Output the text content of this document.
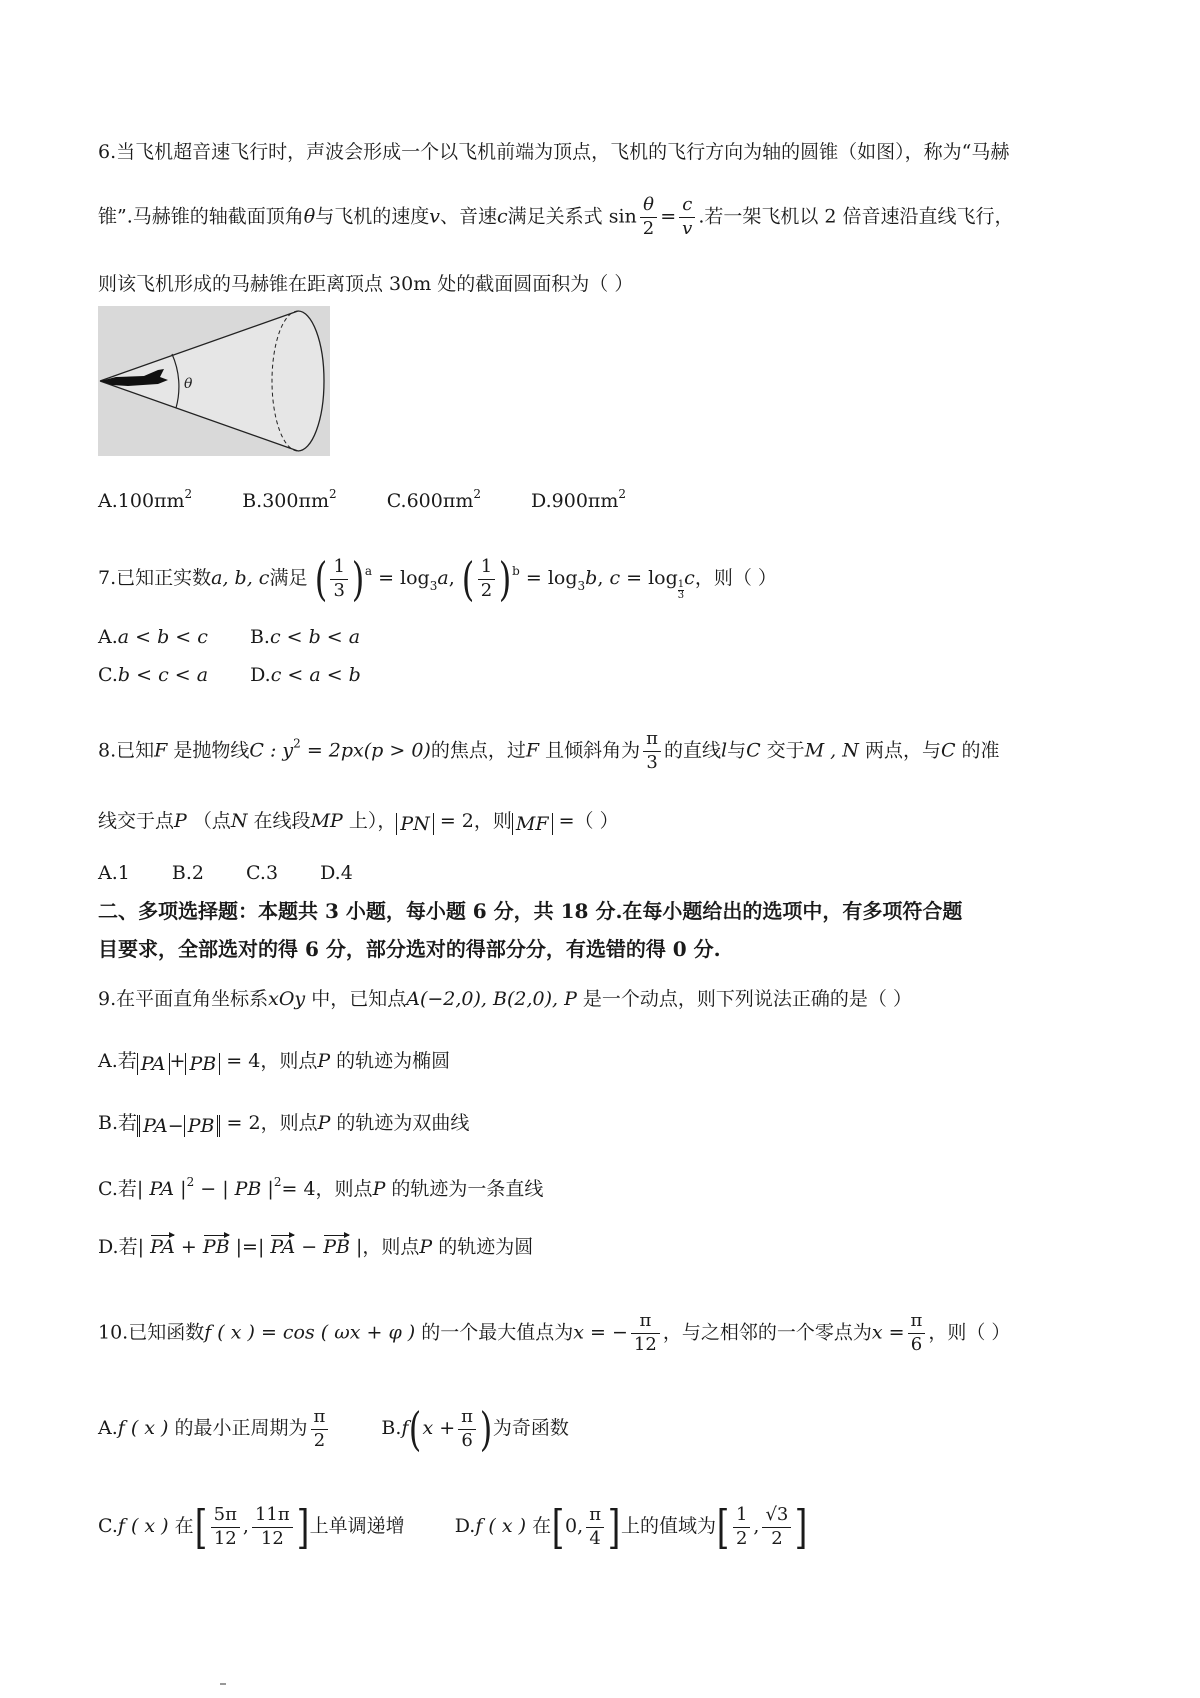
6.当飞机超音速飞行时，声波会形成一个以飞机前端为顶点，飞机的飞行方向为轴的圆锥（如图），称为“马赫
锥”.马赫锥的轴截面顶角θ与飞机的速度v、音速c满足关系式 $\sin \frac{\theta}{2} = \frac{c}{v}$ .若一架飞机以 2 倍音速沿直线飞行，
则该飞机形成的马赫锥在距离顶点 30m 处的截面圆面积为（ ）
θ
$A.100\pi m^2$	$B.300\pi m^2$	$C.600\pi m^2$	$D.900\pi m^2$
7.已知正实数a, b, c满足 ( $\frac{1}{3} )^a = \log_3a$, ( $\frac{1}{2} )^b = \log_3b$, c = log
$_{\frac{1}{3}}$
c，则（ ）
A.a < b < c B.c < b < a
C.b < c < a D.c < a < b
8.已知F 是抛物线C : $y^2 = 2px(p > 0)$的焦点，过F 且倾斜角为 $\frac{\pi}{3}$ 的直线l与C 交于M , N 两点，与C 的准
线交于点P （点N 在线段MP 上）， PN = 2，则 MF =（ ）
A.1 B.2 C.3 D.4
二、多项选择题：本题共 3 小题，每小题 6 分，共 18 分.在每小题给出的选项中，有多项符合题
目要求，全部选对的得 6 分，部分选对的得部分分，有选错的得 0 分.
9.在平面直角坐标系xOy 中，已知点A(−2,0), B(2,0), P 是一个动点，则下列说法正确的是（ ）
A.若 PA + PB = 4，则点P 的轨迹为椭圆
B.若 PA− PB = 2，则点P 的轨迹为双曲线
C.若| PA $|^2$ − | PB $|^2= 4$，则点P 的轨迹为一条直线
D.若| PA + PB |=| PA − PB |，则点P 的轨迹为圆
10.已知函数f ( x ) = cos ( ωx + φ ) 的一个最大值点为x = − $\frac{\pi}{12}$ ，与之相邻的一个零点为$x = \frac{\pi}{6}$ ，则（ ）
A.f ( x ) 的最小正周期为 $\frac{\pi}{2}$	$B.f(x + \frac{\pi}{6}$ )为奇函数
C.f ( x ) 在[ $\frac{5\pi}{12}$ , $\frac{11\pi}{12}$ ]上单调递增	D.f ( x ) 在[0, $\frac{\pi}{4}$ ]上的值域为[ $\frac{1}{2}$ , $\frac{√3}{2}$ ]
